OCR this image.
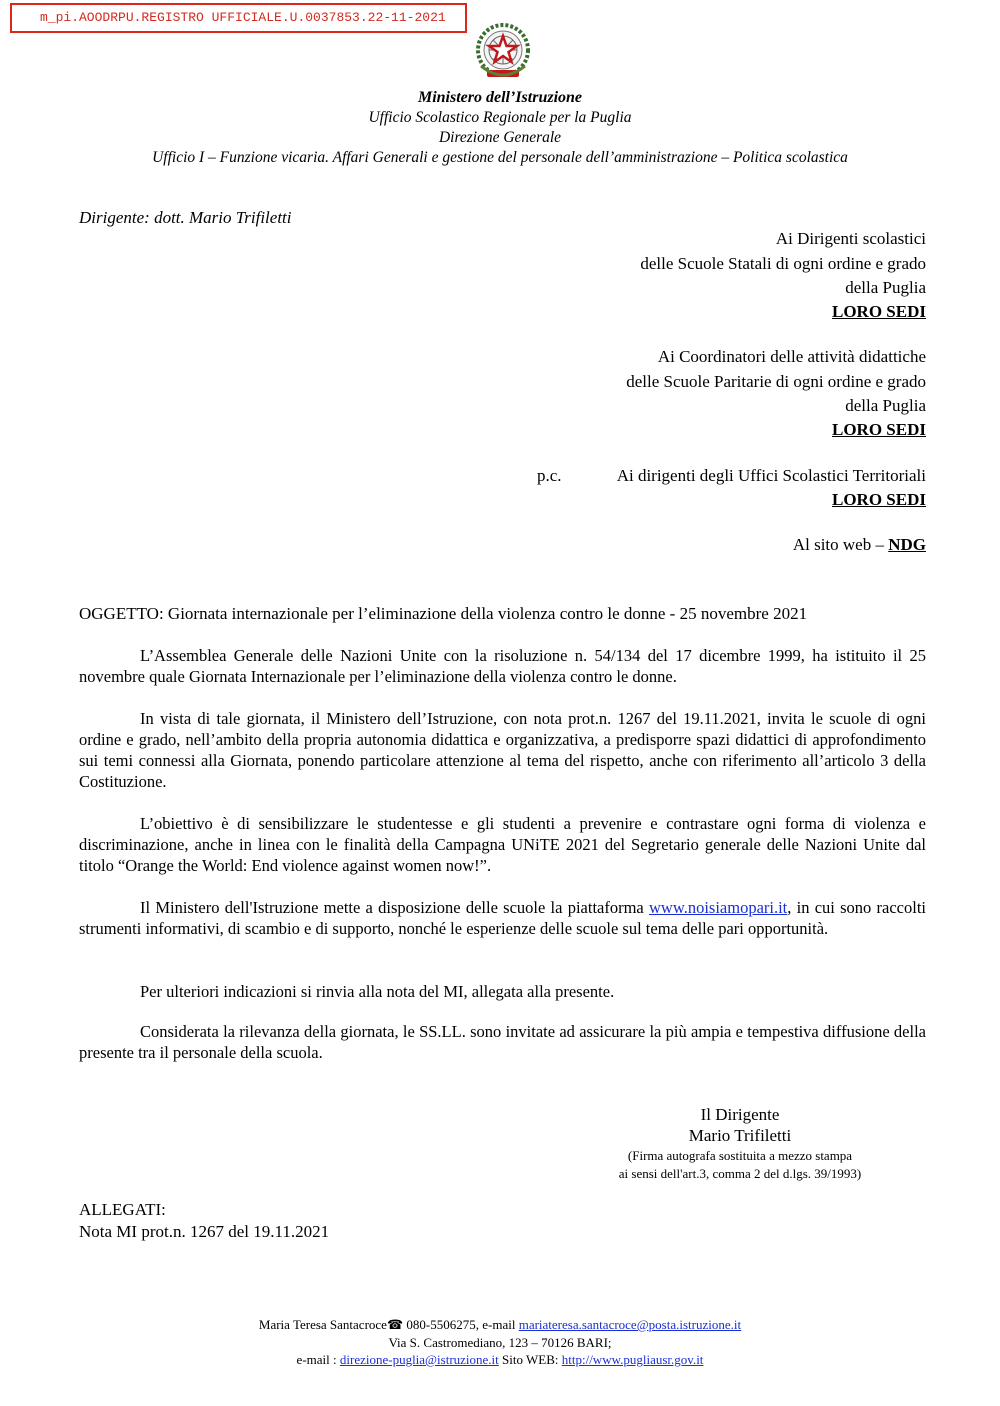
m_pi.AOODRPU.REGISTRO UFFICIALE.U.0037853.22-11-2021
Ministero dell’Istruzione
Ufficio Scolastico Regionale per la Puglia
Direzione Generale
Ufficio I – Funzione vicaria. Affari Generali e gestione del personale dell’amministrazione – Politica scolastica
Dirigente: dott. Mario Trifiletti
Ai Dirigenti scolastici
delle Scuole Statali di ogni ordine e grado
della Puglia
LORO SEDI
Ai Coordinatori delle attività didattiche
delle Scuole Paritarie di ogni ordine e grado
della Puglia
LORO SEDI
p.c.	Ai dirigenti degli Uffici Scolastici Territoriali
LORO SEDI
Al sito web – NDG
OGGETTO: Giornata internazionale per l’eliminazione della violenza contro le donne - 25 novembre 2021
L’Assemblea Generale delle Nazioni Unite con la risoluzione n. 54/134 del 17 dicembre 1999, ha istituito il 25 novembre quale Giornata Internazionale per l’eliminazione della violenza contro le donne.
In vista di tale giornata, il Ministero dell’Istruzione, con nota prot.n. 1267 del 19.11.2021, invita le scuole di ogni ordine e grado, nell’ambito della propria autonomia didattica e organizzativa, a predisporre spazi didattici di approfondimento sui temi connessi alla Giornata, ponendo particolare attenzione al tema del rispetto, anche con riferimento all’articolo 3 della Costituzione.
L’obiettivo è di sensibilizzare le studentesse e gli studenti a prevenire e contrastare ogni forma di violenza e discriminazione, anche in linea con le finalità della Campagna UNiTE 2021 del Segretario generale delle Nazioni Unite dal titolo “Orange the World: End violence against women now!”.
Il Ministero dell'Istruzione mette a disposizione delle scuole la piattaforma www.noisiamopari.it, in cui sono raccolti strumenti informativi, di scambio e di supporto, nonché le esperienze delle scuole sul tema delle pari opportunità.
Per ulteriori indicazioni si rinvia alla nota del MI, allegata alla presente.
Considerata la rilevanza della giornata, le SS.LL. sono invitate ad assicurare la più ampia e tempestiva diffusione della presente tra il personale della scuola.
Il Dirigente
Mario Trifiletti
(Firma autografa sostituita a mezzo stampa
ai sensi dell'art.3, comma 2 del d.lgs. 39/1993)
ALLEGATI:
Nota MI prot.n. 1267 del 19.11.2021
Maria Teresa Santacroce☎ 080-5506275, e-mail mariateresa.santacroce@posta.istruzione.it
Via S. Castromediano, 123 – 70126 BARI;
e-mail : direzione-puglia@istruzione.it Sito WEB: http://www.pugliausr.gov.it
